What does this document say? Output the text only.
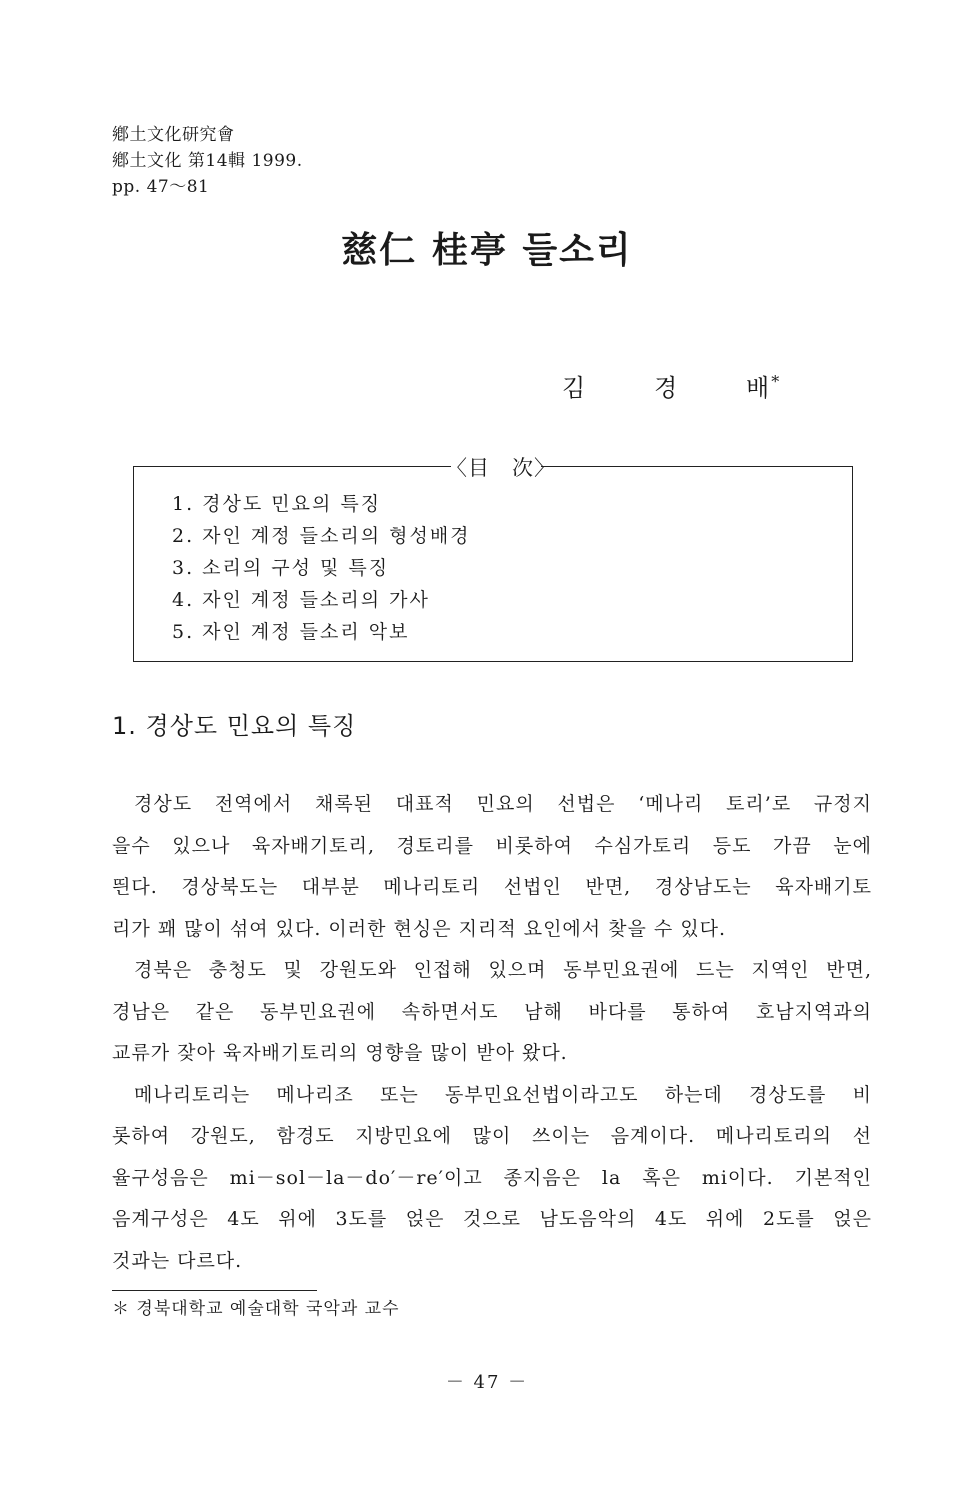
鄕土文化研究會
鄕土文化 第14輯 1999.
pp. 47～81
慈仁 桂亭 들소리
김	경	배*
〈目　次〉
1. 경상도 민요의 특징
2. 자인 계정 들소리의 형성배경
3. 소리의 구성 및 특징
4. 자인 계정 들소리의 가사
5. 자인 계정 들소리 악보
1. 경상도 민요의 특징
경상도 전역에서 채록된 대표적 민요의 선법은 ‘메나리 토리’로 규정지
을수 있으나 육자배기토리, 경토리를 비롯하여 수심가토리 등도 가끔 눈에
띈다. 경상북도는 대부분 메나리토리 선법인 반면, 경상남도는 육자배기토
리가 꽤 많이 섞여 있다. 이러한 현싱은 지리적 요인에서 찾을 수 있다.
경북은 충청도 및 강원도와 인접해 있으며 동부민요권에 드는 지역인 반면,
경남은 같은 동부민요권에 속하면서도 남해 바다를 통하여 호남지역과의
교류가 잦아 육자배기토리의 영향을 많이 받아 왔다.
메나리토리는 메나리조 또는 동부민요선법이라고도 하는데 경상도를 비
롯하여 강원도, 함경도 지방민요에 많이 쓰이는 음계이다. 메나리토리의 선
율구성음은 mi－sol－la－do′－re′이고 종지음은 la 혹은 mi이다. 기본적인
음계구성은 4도 위에 3도를 얹은 것으로 남도음악의 4도 위에 2도를 얹은
것과는 다르다.
＊ 경북대학교 예술대학 국악과 교수
－ 47 －
